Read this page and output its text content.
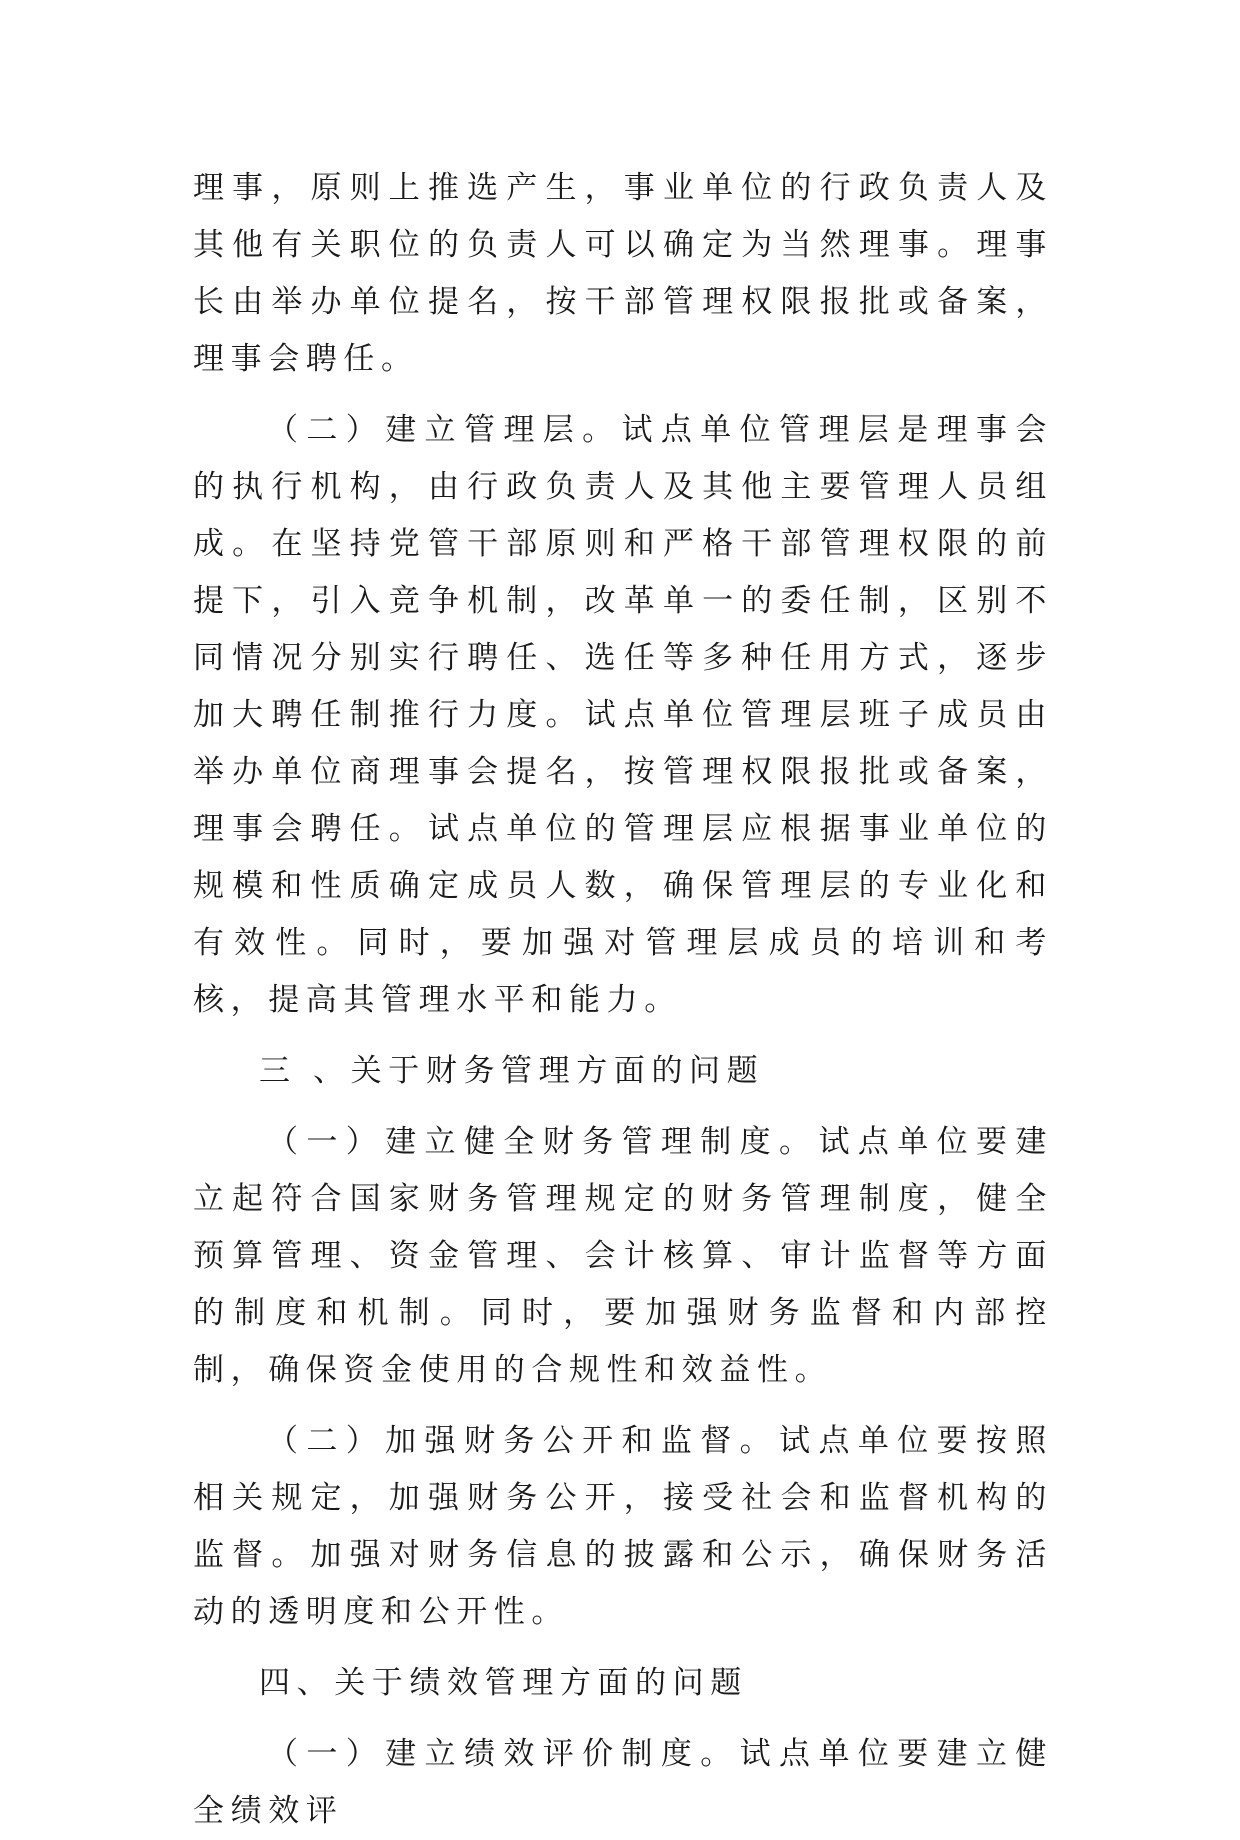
理事，原则上推选产生，事业单位的行政负责人及其他有关职位的负责人可以确定为当然理事。理事长由举办单位提名，按干部管理权限报批或备案，理事会聘任。

（二）建立管理层。试点单位管理层是理事会的执行机构，由行政负责人及其他主要管理人员组成。在坚持党管干部原则和严格干部管理权限的前提下，引入竞争机制，改革单一的委任制，区别不同情况分别实行聘任、选任等多种任用方式，逐步加大聘任制推行力度。试点单位管理层班子成员由举办单位商理事会提名，按管理权限报批或备案，理事会聘任。试点单位的管理层应根据事业单位的规模和性质确定成员人数，确保管理层的专业化和有效性。同时，要加强对管理层成员的培训和考核，提高其管理水平和能力。

三 、关于财务管理方面的问题

（一）建立健全财务管理制度。试点单位要建立起符合国家财务管理规定的财务管理制度，健全预算管理、资金管理、会计核算、审计监督等方面的制度和机制。同时，要加强财务监督和内部控制，确保资金使用的合规性和效益性。

（二）加强财务公开和监督。试点单位要按照相关规定，加强财务公开，接受社会和监督机构的监督。加强对财务信息的披露和公示，确保财务活动的透明度和公开性。

四、关于绩效管理方面的问题

（一）建立绩效评价制度。试点单位要建立健全绩效评
